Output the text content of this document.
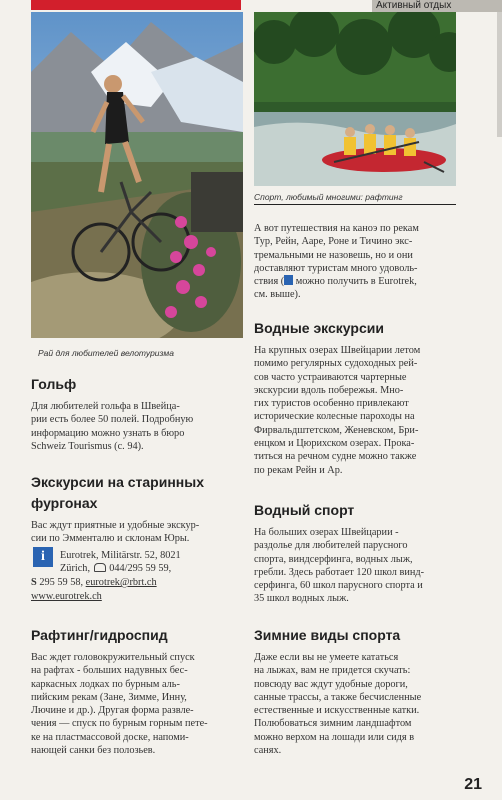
Активный отдых
Рай для любителей велотуризма
Спорт, любимый многими: рафтинг
А вот путешествия на каноэ по рекам
Тур, Рейн, Ааре, Роне и Тичино экс-
тремальными не назовешь, но и они
доставляют туристам много удоволь-
ствия ( можно получить в Eurotrek,
см. выше).
Водные экскурсии
На крупных озерах Швейцарии летом
помимо регулярных судоходных рей-
сов часто устраиваются чартерные
экскурсии вдоль побережья. Мно-
гих туристов особенно привлекают
исторические колесные пароходы на
Фирвальдштетском, Женевском, Бри-
енцком и Цюрихском озерах. Прока-
титься на речном судне можно также
по рекам Рейн и Ар.
Водный спорт
На больших озерах Швейцарии -
раздолье для любителей парусного
спорта, виндсерфинга, водных лыж,
гребли. Здесь работает 120 школ винд-
серфинга, 60 школ парусного спорта и
35 школ водных лыж.
Зимние виды спорта
Даже если вы не умеете кататься
на лыжах, вам не придется скучать:
повсюду вас ждут удобные дороги,
санные трассы, а также бесчисленные
естественные и искусственные катки.
Полюбоваться зимним ландшафтом
можно верхом на лошади или сидя в
санях.
Гольф
Для любителей гольфа в Швейца-
рии есть более 50 полей. Подробную
информацию можно узнать в бюро
Schweiz Tourismus (с. 94).
Экскурсии на старинных
фургонах
Вас ждут приятные и удобные экскур-
сии по Эмменталю и склонам Юры.
i	Eurotrek, Militärstr. 52, 8021
Zürich, 044/295 59 59,
S 295 59 58, eurotrek@rbrt.ch
www.eurotrek.ch
Рафтинг/гидроспид
Вас ждет головокружительный спуск
на рафтах - больших надувных бес-
каркасных лодках по бурным аль-
пийским рекам (Занe, Зимме, Инну,
Лючине и др.). Другая форма развле-
чения — спуск по бурным горным пете-
ке на пластмассовой доске, напоми-
нающей санки без полозьев.
21
